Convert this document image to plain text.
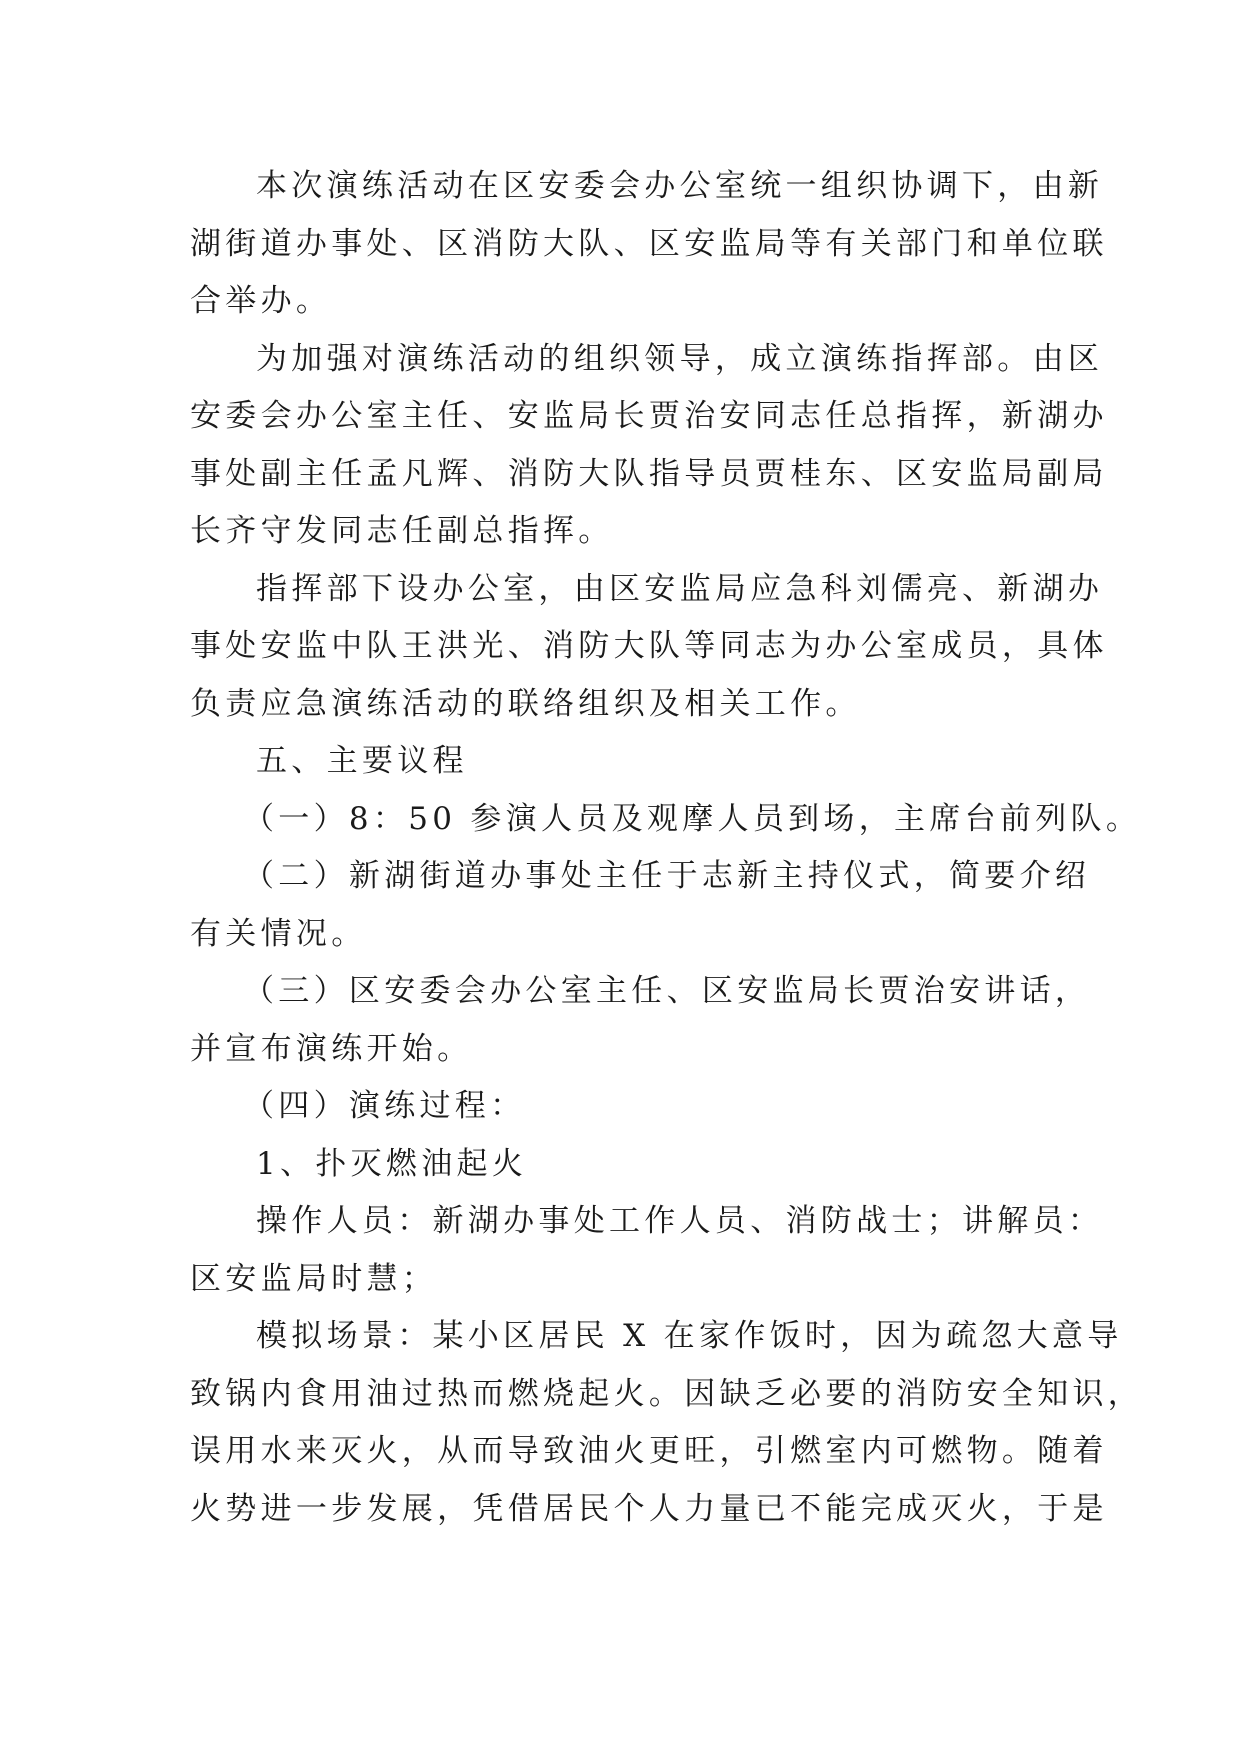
本次演练活动在区安委会办公室统一组织协调下，由新
湖街道办事处、区消防大队、区安监局等有关部门和单位联
合举办。

为加强对演练活动的组织领导，成立演练指挥部。由区
安委会办公室主任、安监局长贾治安同志任总指挥，新湖办
事处副主任孟凡辉、消防大队指导员贾桂东、区安监局副局
长齐守发同志任副总指挥。

指挥部下设办公室，由区安监局应急科刘儒亮、新湖办
事处安监中队王洪光、消防大队等同志为办公室成员，具体
负责应急演练活动的联络组织及相关工作。

五、主要议程

（一）8：50 参演人员及观摩人员到场，主席台前列队。

（二）新湖街道办事处主任于志新主持仪式，简要介绍
有关情况。

（三）区安委会办公室主任、区安监局长贾治安讲话，
并宣布演练开始。

（四）演练过程：

1、扑灭燃油起火

操作人员：新湖办事处工作人员、消防战士；讲解员：
区安监局时慧；

模拟场景：某小区居民 X 在家作饭时，因为疏忽大意导
致锅内食用油过热而燃烧起火。因缺乏必要的消防安全知识，
误用水来灭火，从而导致油火更旺，引燃室内可燃物。随着
火势进一步发展，凭借居民个人力量已不能完成灭火，于是
